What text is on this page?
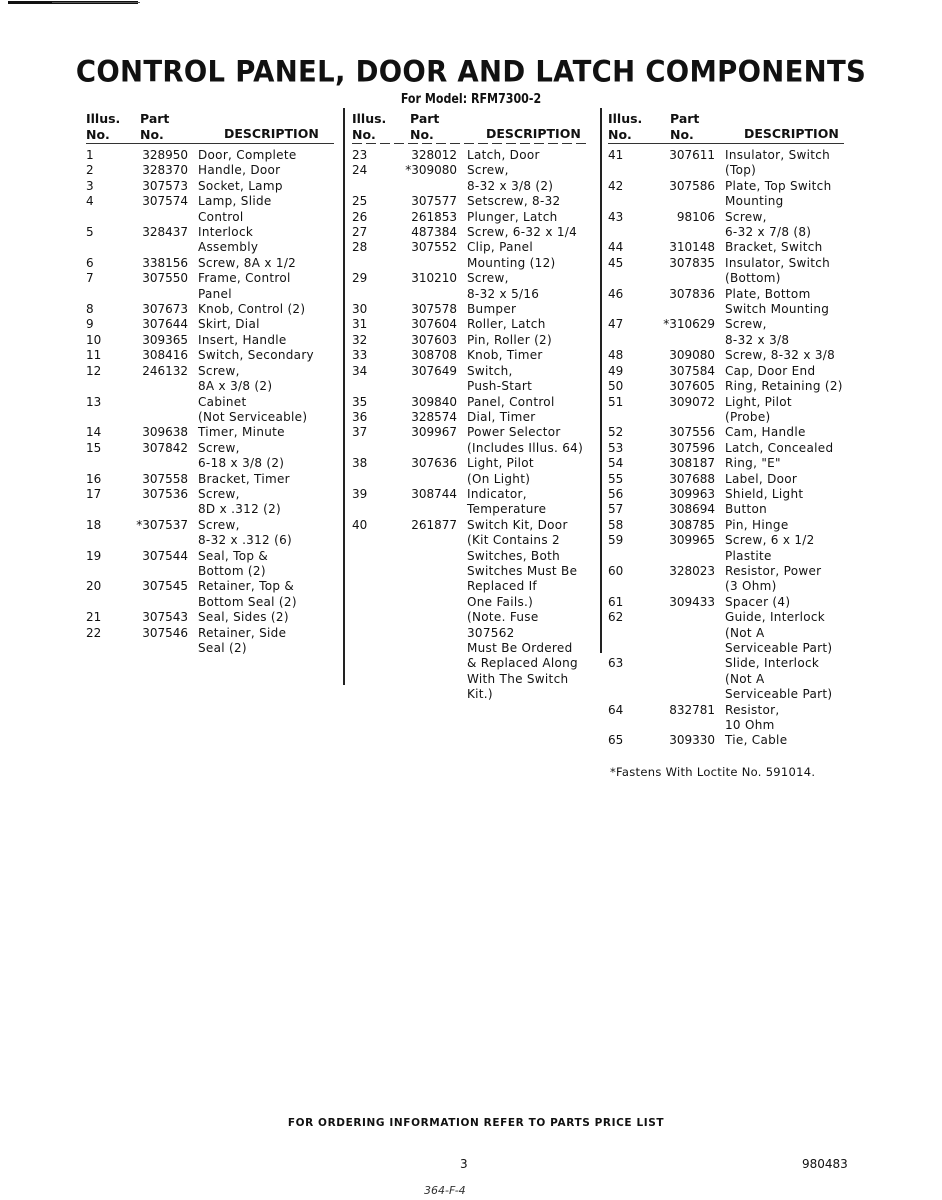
CONTROL PANEL, DOOR AND LATCH COMPONENTS
For Model: RFM7300-2
Illus.
No.
Part
No.	DESCRIPTION
1	328950 Door, Complete
2	328370 Handle, Door
3	307573 Socket, Lamp
4	307574 Lamp, Slide
Control
5	328437 Interlock
Assembly
6	338156 Screw, 8A x 1/2
7	307550 Frame, Control
Panel
8	307673 Knob, Control (2)
9	307644 Skirt, Dial
10	309365 Insert, Handle
11	308416 Switch, Secondary
12	246132 Screw,
8A x 3/8 (2)
13	Cabinet
(Not Serviceable)
14	309638 Timer, Minute
15	307842 Screw,
6-18 x 3/8 (2)
16	307558 Bracket, Timer
17	307536 Screw,
8D x .312 (2)
18	*307537 Screw,
8-32 x .312 (6)
19	307544 Seal, Top &
Bottom (2)
20	307545 Retainer, Top &
Bottom Seal (2)
21	307543 Seal, Sides (2)
22	307546 Retainer, Side
Seal (2)
Illus.
No.
Part
No.	DESCRIPTION
23	328012 Latch, Door
24	*309080 Screw,
8-32 x 3/8 (2)
25	307577 Setscrew, 8-32
26	261853 Plunger, Latch
27	487384 Screw, 6-32 x 1/4
28	307552 Clip, Panel
Mounting (12)
29	310210 Screw,
8-32 x 5/16
30	307578 Bumper
31	307604 Roller, Latch
32	307603 Pin, Roller (2)
33	308708 Knob, Timer
34	307649 Switch,
Push-Start
35	309840 Panel, Control
36	328574 Dial, Timer
37	309967 Power Selector
(Includes Illus. 64)
38	307636 Light, Pilot
(On Light)
39	308744 Indicator,
Temperature
40	261877 Switch Kit, Door
(Kit Contains 2
Switches, Both
Switches Must Be
Replaced If
One Fails.)
(Note. Fuse 307562
Must Be Ordered
& Replaced Along
With The Switch
Kit.)
Illus.
No.
Part
No.	DESCRIPTION
41	307611 Insulator, Switch
(Top)
42	307586 Plate, Top Switch
Mounting
43	98106 Screw,
6-32 x 7/8 (8)
44	310148 Bracket, Switch
45	307835 Insulator, Switch
(Bottom)
46	307836 Plate, Bottom
Switch Mounting
47	*310629 Screw,
8-32 x 3/8
48	309080 Screw, 8-32 x 3/8
49	307584 Cap, Door End
50	307605 Ring, Retaining (2)
51	309072 Light, Pilot
(Probe)
52	307556 Cam, Handle
53	307596 Latch, Concealed
54	308187 Ring, "E"
55	307688 Label, Door
56	309963 Shield, Light
57	308694 Button
58	308785 Pin, Hinge
59	309965 Screw, 6 x 1/2
Plastite
60	328023 Resistor, Power
(3 Ohm)
61	309433 Spacer (4)
62	Guide, Interlock
(Not A
Serviceable Part)
63	Slide, Interlock
(Not A
Serviceable Part)
64	832781 Resistor,
10 Ohm
65	309330 Tie, Cable
*Fastens With Loctite No. 591014.
FOR ORDERING INFORMATION REFER TO PARTS PRICE LIST
3	980483
364-F-4
